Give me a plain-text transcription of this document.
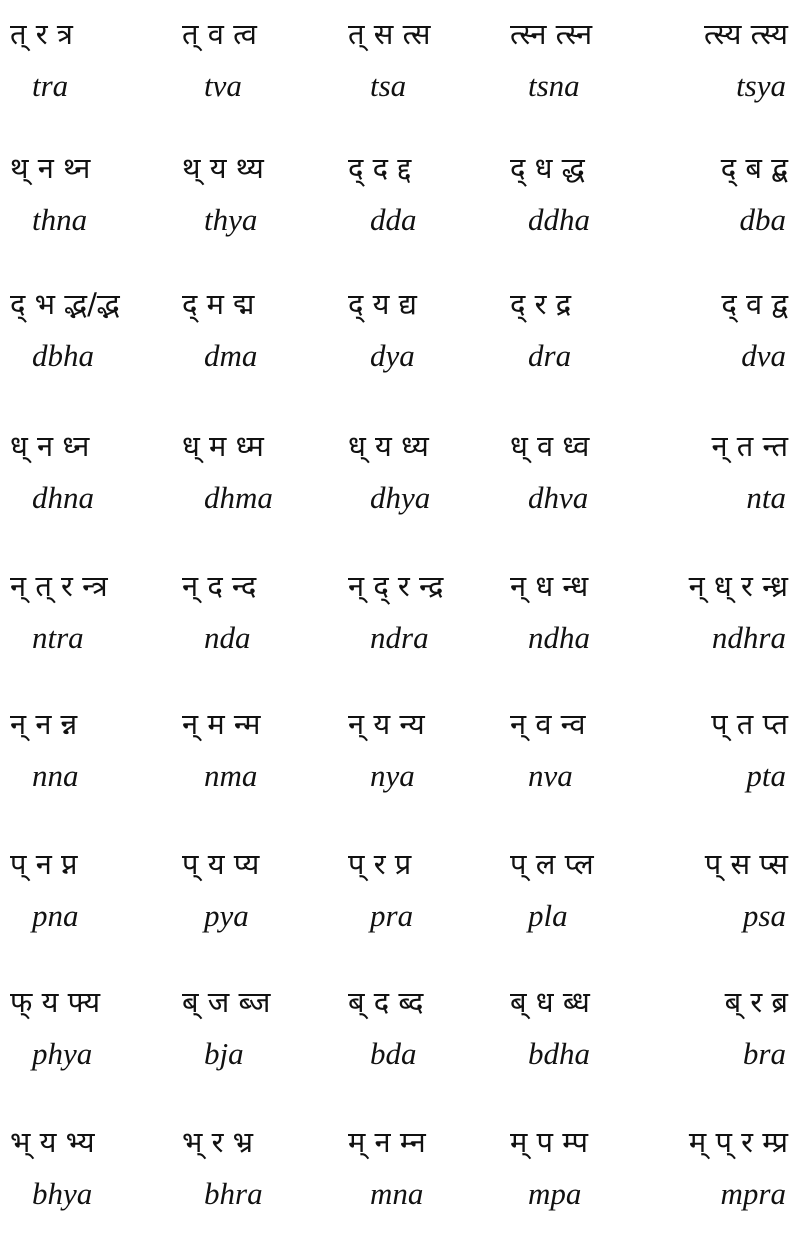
त् र त्र
tra
त् व त्व
tva
त् स त्स
tsa
त्स्न त्स्न
tsna
त्स्य त्स्य
tsya
थ् न थ्न
thna
थ् य थ्य
thya
द् द द्द
dda
द् ध द्ध
ddha
द् ब द्ब
dba
द् भ द्भ/द्भ
dbha
द् म द्म
dma
द् य द्य
dya
द् र द्र
dra
द् व द्व
dva
ध् न ध्न
dhna
ध् म ध्म
dhma
ध् य ध्य
dhya
ध् व ध्व
dhva
न् त न्त
nta
न् त् र न्त्र
ntra
न् द न्द
nda
न् द् र न्द्र
ndra
न् ध न्ध
ndha
न् ध् र न्ध्र
ndhra
न् न न्न
nna
न् म न्म
nma
न् य न्य
nya
न् व न्व
nva
प् त प्त
pta
प् न प्न
pna
प् य प्य
pya
प् र प्र
pra
प् ल प्ल
pla
प् स प्स
psa
फ् य फ्य
phya
ब् ज ब्ज
bja
ब् द ब्द
bda
ब् ध ब्ध
bdha
ब् र ब्र
bra
भ् य भ्य
bhya
भ् र भ्र
bhra
म् न म्न
mna
म् प म्प
mpa
म् प् र म्प्र
mpra
